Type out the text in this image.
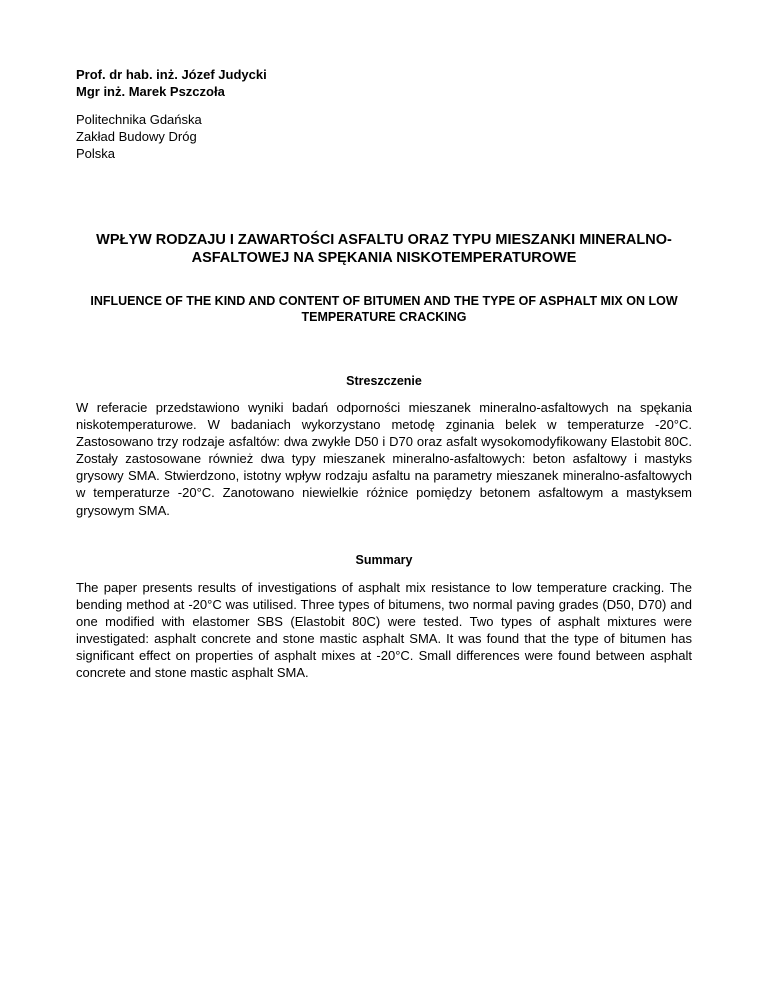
Prof. dr hab. inż. Józef Judycki
Mgr inż. Marek Pszczoła
Politechnika Gdańska
Zakład Budowy Dróg
Polska
WPŁYW RODZAJU I ZAWARTOŚCI ASFALTU ORAZ TYPU MIESZANKI MINERALNO-ASFALTOWEJ NA SPĘKANIA NISKOTEMPERATUROWE
INFLUENCE OF THE KIND AND CONTENT OF BITUMEN AND THE TYPE OF ASPHALT MIX ON LOW TEMPERATURE CRACKING
Streszczenie
W referacie przedstawiono wyniki badań odporności mieszanek mineralno-asfaltowych na spękania niskotemperaturowe. W badaniach wykorzystano metodę zginania belek w temperaturze -20°C. Zastosowano trzy rodzaje asfaltów: dwa zwykłe D50 i D70 oraz asfalt wysokomodyfikowany Elastobit 80C. Zostały zastosowane również dwa typy mieszanek mineralno-asfaltowych: beton asfaltowy i mastyks grysowy SMA. Stwierdzono, istotny wpływ rodzaju asfaltu na parametry mieszanek mineralno-asfaltowych w temperaturze -20°C. Zanotowano niewielkie różnice pomiędzy betonem asfaltowym a mastyksem grysowym SMA.
Summary
The paper presents results of investigations of asphalt mix resistance to low temperature cracking. The bending method at -20°C was utilised. Three types of bitumens, two normal paving grades (D50, D70) and one modified with elastomer SBS (Elastobit 80C) were tested. Two types of asphalt mixtures were investigated: asphalt concrete and stone mastic asphalt SMA. It was found that the type of bitumen has significant effect on properties of asphalt mixes at -20°C. Small differences were found between asphalt concrete and stone mastic asphalt SMA.
